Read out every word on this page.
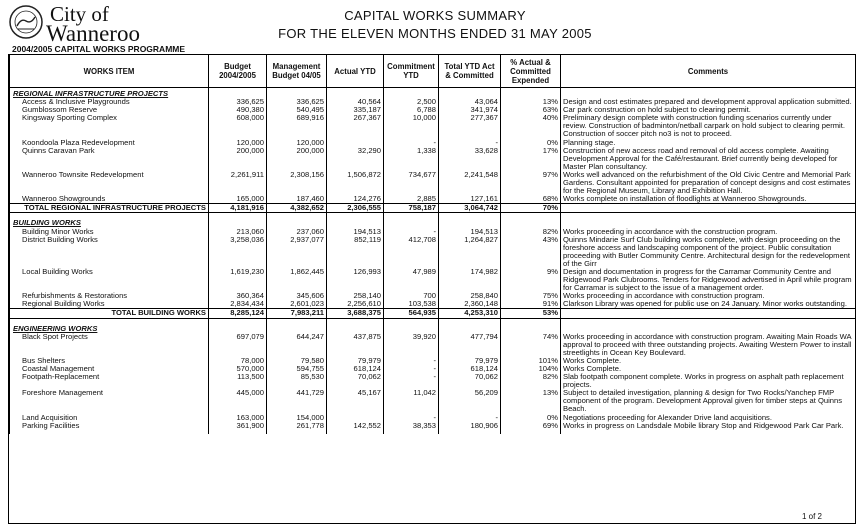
City of
Wanneroo
2004/2005 CAPITAL WORKS PROGRAMME
CAPITAL WORKS SUMMARY
FOR THE ELEVEN MONTHS ENDED 31 MAY 2005
WORKS ITEM	Budget 2004/2005	Management Budget 04/05	Actual YTD	Commitment YTD	Total YTD Act & Committed	% Actual & Committed Expended	Comments
REGIONAL INFRASTRUCTURE PROJECTS							
Access & Inclusive Playgrounds	336,625	336,625	40,564	2,500	43,064	13%	Design and cost estimates prepared and development approval application submitted.
Gumblossom Reserve	490,380	540,495	335,187	6,788	341,974	63%	Car park construction on hold subject to clearing permit.
Kingsway Sporting Complex	608,000	689,916	267,367	10,000	277,367	40%	Preliminary design complete with construction funding scenarios currently under review. Construction of badminton/netball carpark on hold subject to clearing permit. Construction of soccer pitch no3 is not to proceed.
Koondoola Plaza Redevelopment	120,000	120,000		-	-	0%	Planning stage.
Quinns Caravan Park	200,000	200,000	32,290	1,338	33,628	17%	Construction of new access road and removal of old access complete. Awaiting Development Approval for the Café/restaurant. Brief currently being developed for Master Plan consultancy.
Wanneroo Townsite Redevelopment	2,261,911	2,308,156	1,506,872	734,677	2,241,548	97%	Works well advanced on the refurbishment of the Old Civic Centre and Memorial Park Gardens. Consultant appointed for preparation of concept designs and cost estimates for the Regional Museum, Library and Exhibition Hall.
Wanneroo Showgrounds	165,000	187,460	124,276	2,885	127,161	68%	Works complete on installation of floodlights at Wanneroo Showgrounds.
TOTAL REGIONAL INFRASTRUCTURE PROJECTS	4,181,916	4,382,652	2,306,555	758,187	3,064,742	70%	

BUILDING WORKS							
Building Minor Works	213,060	237,060	194,513	-	194,513	82%	Works proceeding in accordance with the construction program.
District Building Works	3,258,036	2,937,077	852,119	412,708	1,264,827	43%	Quinns Mindarie Surf Club building works complete, with design proceeding on the foreshore access and landscaping component of the project. Public consultation proceeding with Butler Community Centre. Architectural design for the redevelopment of the Girr
Local Building Works	1,619,230	1,862,445	126,993	47,989	174,982	9%	Design and documentation in progress for the Carramar Community Centre and Ridgewood Park Clubrooms. Tenders for Ridgewood advertised in April while program for Carramar is subject to the issue of a management order.
Refurbishments & Restorations	360,364	345,606	258,140	700	258,840	75%	Works proceeding in accordance with construction program.
Regional Building Works	2,834,434	2,601,023	2,256,610	103,538	2,360,148	91%	Clarkson Library was opened for public use on 24 January. Minor works outstanding.
TOTAL BUILDING WORKS	8,285,124	7,983,211	3,688,375	564,935	4,253,310	53%	

ENGINEERING WORKS							
Black Spot Projects	697,079	644,247	437,875	39,920	477,794	74%	Works proceeding in accordance with construction program. Awaiting Main Roads WA approval to proceed with three outstanding projects. Awaiting Western Power to install streetlights in Ocean Key Boulevard.
Bus Shelters	78,000	79,580	79,979	-	79,979	101%	Works Complete.
Coastal Management	570,000	594,755	618,124	-	618,124	104%	Works Complete.
Footpath-Replacement	113,500	85,530	70,062	-	70,062	82%	Slab footpath component complete. Works in progress on asphalt path replacement projects.
Foreshore Management	445,000	441,729	45,167	11,042	56,209	13%	Subject to detailed investigation, planning & design for Two Rocks/Yanchep FMP component of the program. Development Approval given for timber steps at Quinns Beach.
Land Acquisition	163,000	154,000		-	-	0%	Negotiations proceeding for Alexander Drive land acquisitions.
Parking Facilities	361,900	261,778	142,552	38,353	180,906	69%	Works in progress on Landsdale Mobile library Stop and Ridgewood Park Car Park.

1 of 2
